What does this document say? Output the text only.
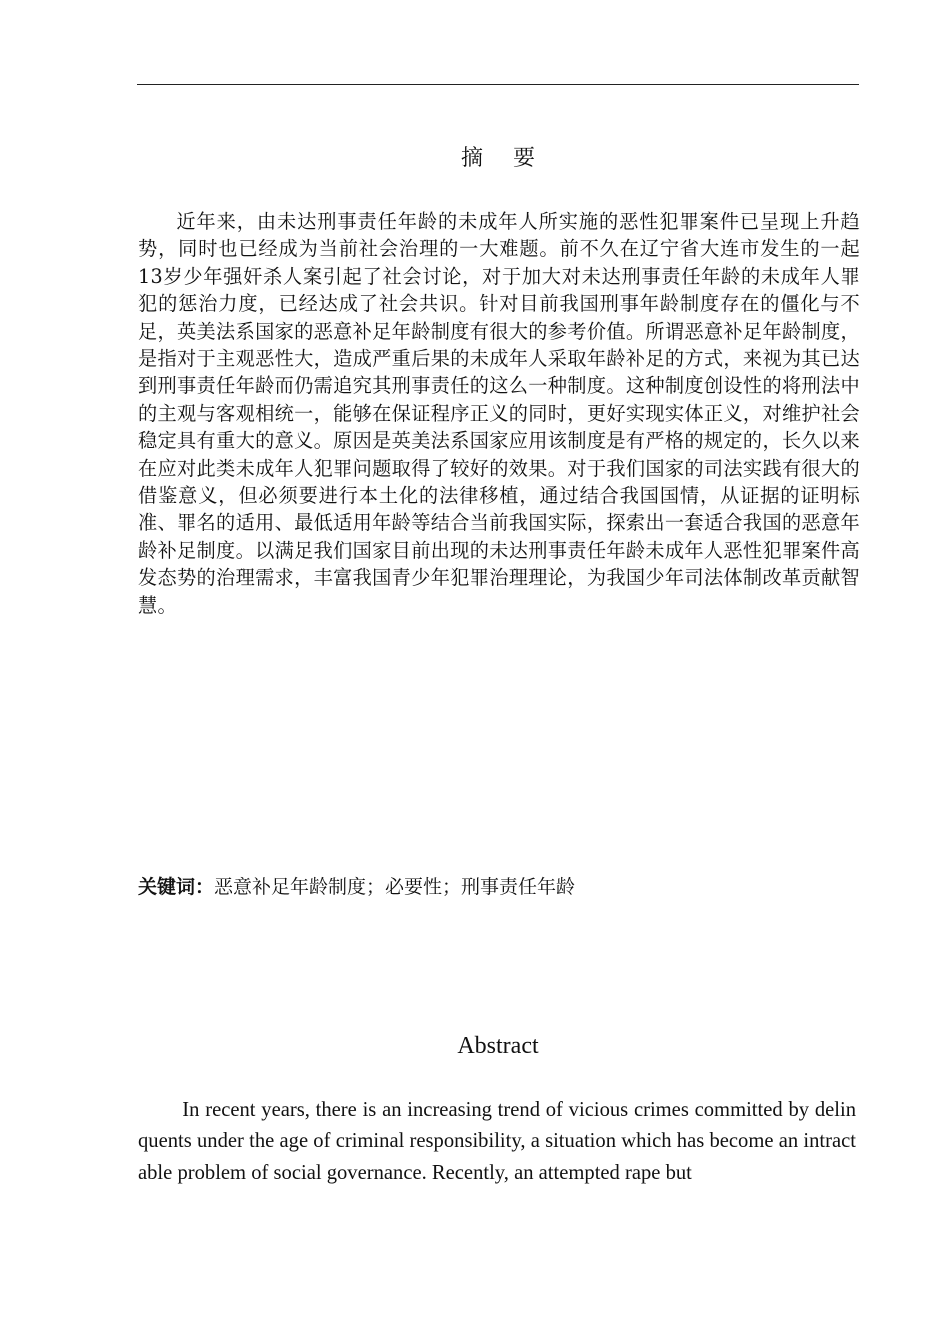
摘要

近年来，由未达刑事责任年龄的未成年人所实施的恶性犯罪案件已呈现上升趋势，同时也已经成为当前社会治理的一大难题。前不久在辽宁省大连市发生的一起13岁少年强奸杀人案引起了社会讨论，对于加大对未达刑事责任年龄的未成年人罪犯的惩治力度，已经达成了社会共识。针对目前我国刑事年龄制度存在的僵化与不足，英美法系国家的恶意补足年龄制度有很大的参考价值。所谓恶意补足年龄制度，是指对于主观恶性大，造成严重后果的未成年人采取年龄补足的方式，来视为其已达到刑事责任年龄而仍需追究其刑事责任的这么一种制度。这种制度创设性的将刑法中的主观与客观相统一，能够在保证程序正义的同时，更好实现实体正义，对维护社会稳定具有重大的意义。原因是英美法系国家应用该制度是有严格的规定的，长久以来在应对此类未成年人犯罪问题取得了较好的效果。对于我们国家的司法实践有很大的借鉴意义，但必须要进行本土化的法律移植，通过结合我国国情，从证据的证明标准、罪名的适用、最低适用年龄等结合当前我国实际，探索出一套适合我国的恶意年龄补足制度。以满足我们国家目前出现的未达刑事责任年龄未成年人恶性犯罪案件高发态势的治理需求，丰富我国青少年犯罪治理理论，为我国少年司法体制改革贡献智慧。

关键词：恶意补足年龄制度；必要性；刑事责任年龄
Abstract

In recent years, there is an increasing trend of vicious crimes committed by delinquents under the age of criminal responsibility, a situation which has become an intractable problem of social governance. Recently, an attempted rape but
